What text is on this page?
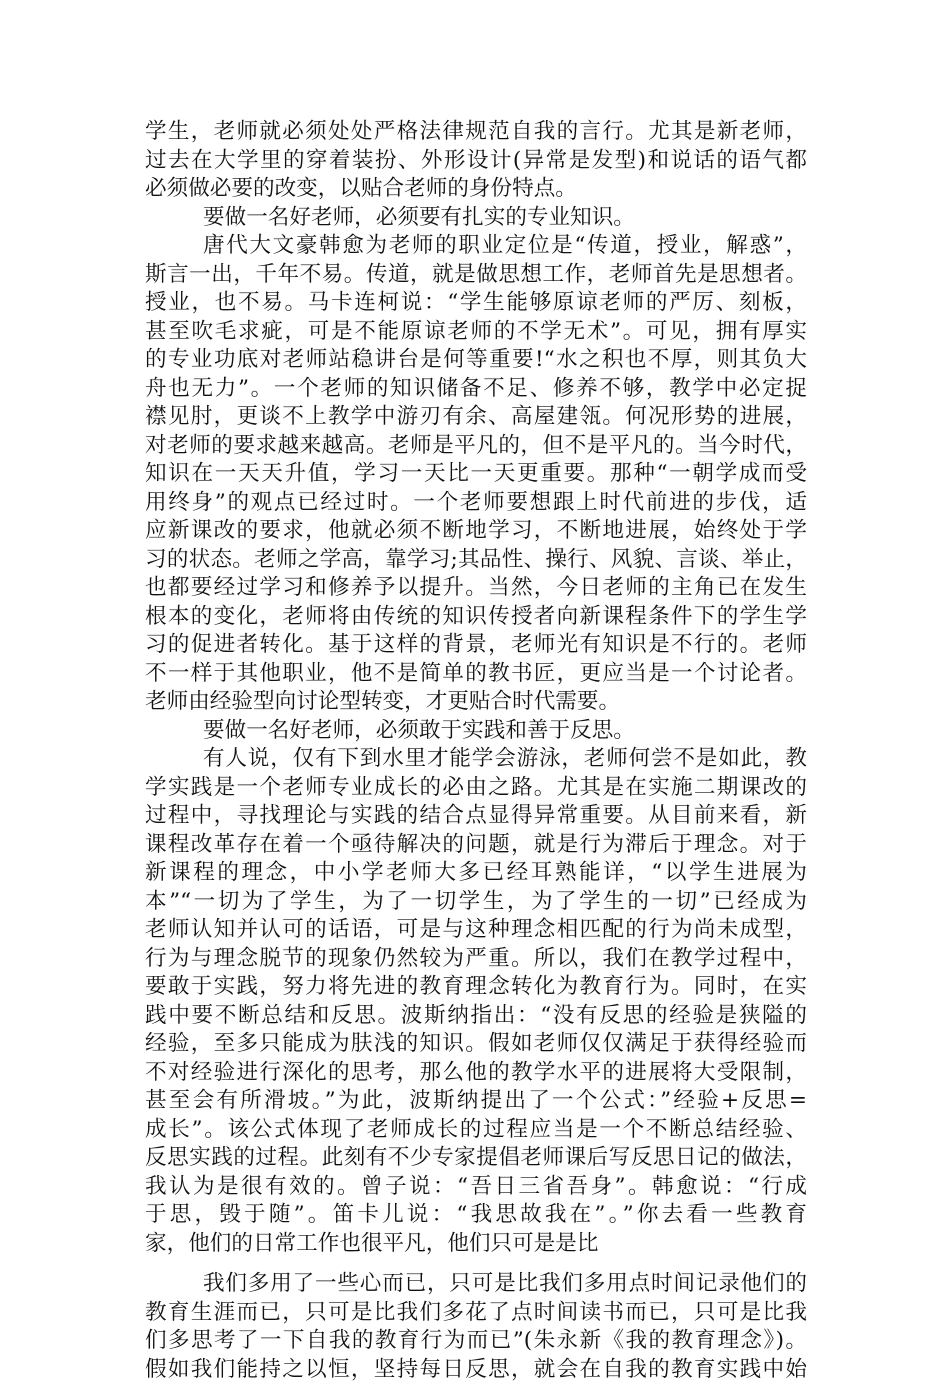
学生，老师就必须处处严格法律规范自我的言行。尤其是新老师，
过去在大学里的穿着装扮、外形设计(异常是发型)和说话的语气都
必须做必要的改变，以贴合老师的身份特点。
要做一名好老师，必须要有扎实的专业知识。
唐代大文豪韩愈为老师的职业定位是“传道，授业，解惑”，
斯言一出，千年不易。传道，就是做思想工作，老师首先是思想者。
授业，也不易。马卡连柯说：“学生能够原谅老师的严厉、刻板，
甚至吹毛求疵，可是不能原谅老师的不学无术”。可见，拥有厚实
的专业功底对老师站稳讲台是何等重要!“水之积也不厚，则其负大
舟也无力”。一个老师的知识储备不足、修养不够，教学中必定捉
襟见肘，更谈不上教学中游刃有余、高屋建瓴。何况形势的进展，
对老师的要求越来越高。老师是平凡的，但不是平凡的。当今时代，
知识在一天天升值，学习一天比一天更重要。那种“一朝学成而受
用终身”的观点已经过时。一个老师要想跟上时代前进的步伐，适
应新课改的要求，他就必须不断地学习，不断地进展，始终处于学
习的状态。老师之学高，靠学习;其品性、操行、风貌、言谈、举止，
也都要经过学习和修养予以提升。当然，今日老师的主角已在发生
根本的变化，老师将由传统的知识传授者向新课程条件下的学生学
习的促进者转化。基于这样的背景，老师光有知识是不行的。老师
不一样于其他职业，他不是简单的教书匠，更应当是一个讨论者。
老师由经验型向讨论型转变，才更贴合时代需要。
要做一名好老师，必须敢于实践和善于反思。
有人说，仅有下到水里才能学会游泳，老师何尝不是如此，教
学实践是一个老师专业成长的必由之路。尤其是在实施二期课改的
过程中，寻找理论与实践的结合点显得异常重要。从目前来看，新
课程改革存在着一个亟待解决的问题，就是行为滞后于理念。对于
新课程的理念，中小学老师大多已经耳熟能详，“以学生进展为
本”“一切为了学生，为了一切学生，为了学生的一切”已经成为
老师认知并认可的话语，可是与这种理念相匹配的行为尚未成型，
行为与理念脱节的现象仍然较为严重。所以，我们在教学过程中，
要敢于实践，努力将先进的教育理念转化为教育行为。同时，在实
践中要不断总结和反思。波斯纳指出：“没有反思的经验是狭隘的
经验，至多只能成为肤浅的知识。假如老师仅仅满足于获得经验而
不对经验进行深化的思考，那么他的教学水平的进展将大受限制，
甚至会有所滑坡。”为此，波斯纳提出了一个公式：”经验+反思=
成长”。该公式体现了老师成长的过程应当是一个不断总结经验、
反思实践的过程。此刻有不少专家提倡老师课后写反思日记的做法，
我认为是很有效的。曾子说：“吾日三省吾身”。韩愈说：“行成
于思，毁于随”。笛卡儿说：“我思故我在”。”你去看一些教育
家，他们的日常工作也很平凡，他们只可是是比
我们多用了一些心而已，只可是比我们多用点时间记录他们的
教育生涯而已，只可是比我们多花了点时间读书而已，只可是比我
们多思考了一下自我的教育行为而已”(朱永新《我的教育理念》)。
假如我们能持之以恒，坚持每日反思，就会在自我的教育实践中始
